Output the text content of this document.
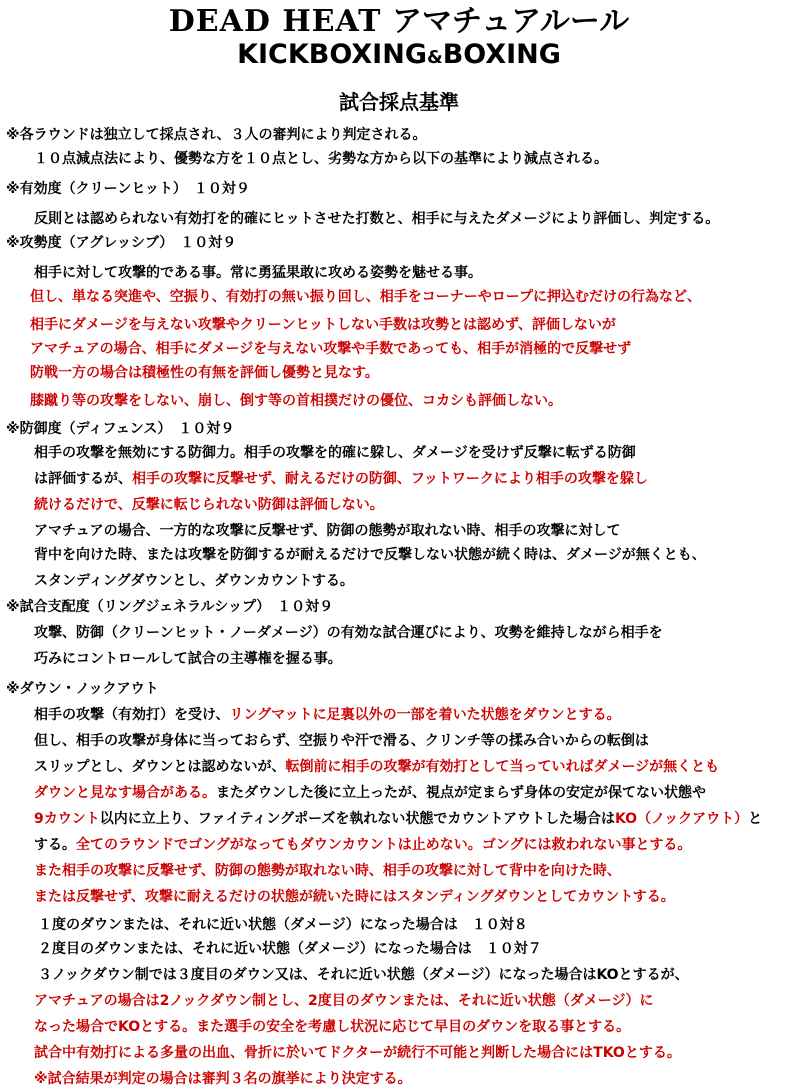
DEAD HEAT アマチュアルール
KICKBOXING&BOXING
試合採点基準
※各ラウンドは独立して採点され、３人の審判により判定される。
１０点減点法により、優勢な方を１０点とし、劣勢な方から以下の基準により減点される。
※有効度（クリーンヒット）　１０対９
反則とは認められない有効打を的確にヒットさせた打数と、相手に与えたダメージにより評価し、判定する。
※攻勢度（アグレッシブ）　１０対９
相手に対して攻撃的である事。常に勇猛果敢に攻める姿勢を魅せる事。
但し、単なる突進や、空振り、有効打の無い振り回し、相手をコーナーやロープに押込むだけの行為など、
相手にダメージを与えない攻撃やクリーンヒットしない手数は攻勢とは認めず、評価しないが
アマチュアの場合、相手にダメージを与えない攻撃や手数であっても、相手が消極的で反撃せず
防戦一方の場合は積極性の有無を評価し優勢と見なす。
膝蹴り等の攻撃をしない、崩し、倒す等の首相撲だけの優位、コカシも評価しない。
※防御度（ディフェンス）　１０対９
相手の攻撃を無効にする防御力。相手の攻撃を的確に躱し、ダメージを受けず反撃に転ずる防御
は評価するが、相手の攻撃に反撃せず、耐えるだけの防御、フットワークにより相手の攻撃を躱し
続けるだけで、反撃に転じられない防御は評価しない。
アマチュアの場合、一方的な攻撃に反撃せず、防御の態勢が取れない時、相手の攻撃に対して
背中を向けた時、または攻撃を防御するが耐えるだけで反撃しない状態が続く時は、ダメージが無くとも、
スタンディングダウンとし、ダウンカウントする。
※試合支配度（リングジェネラルシップ）　１０対９
攻撃、防御（クリーンヒット・ノーダメージ）の有効な試合運びにより、攻勢を維持しながら相手を
巧みにコントロールして試合の主導権を握る事。
※ダウン・ノックアウト
相手の攻撃（有効打）を受け、リングマットに足裏以外の一部を着いた状態をダウンとする。
但し、相手の攻撃が身体に当っておらず、空振りや汗で滑る、クリンチ等の揉み合いからの転倒は
スリップとし、ダウンとは認めないが、転倒前に相手の攻撃が有効打として当っていればダメージが無くとも
ダウンと見なす場合がある。またダウンした後に立上ったが、視点が定まらず身体の安定が保てない状態や
9カウント以内に立上り、ファイティングポーズを執れない状態でカウントアウトした場合はKO（ノックアウト）と
する。全てのラウンドでゴングがなってもダウンカウントは止めない。ゴングには救われない事とする。
また相手の攻撃に反撃せず、防御の態勢が取れない時、相手の攻撃に対して背中を向けた時、
または反撃せず、攻撃に耐えるだけの状態が続いた時にはスタンディングダウンとしてカウントする。
１度のダウンまたは、それに近い状態（ダメージ）になった場合は　１０対８
２度目のダウンまたは、それに近い状態（ダメージ）になった場合は　１０対７
３ノックダウン制では３度目のダウン又は、それに近い状態（ダメージ）になった場合はKOとするが、
アマチュアの場合は2ノックダウン制とし、2度目のダウンまたは、それに近い状態（ダメージ）に
なった場合でKOとする。また選手の安全を考慮し状況に応じて早目のダウンを取る事とする。
試合中有効打による多量の出血、骨折に於いてドクターが続行不可能と判断した場合にはTKOとする。
※試合結果が判定の場合は審判３名の旗挙により決定する。
